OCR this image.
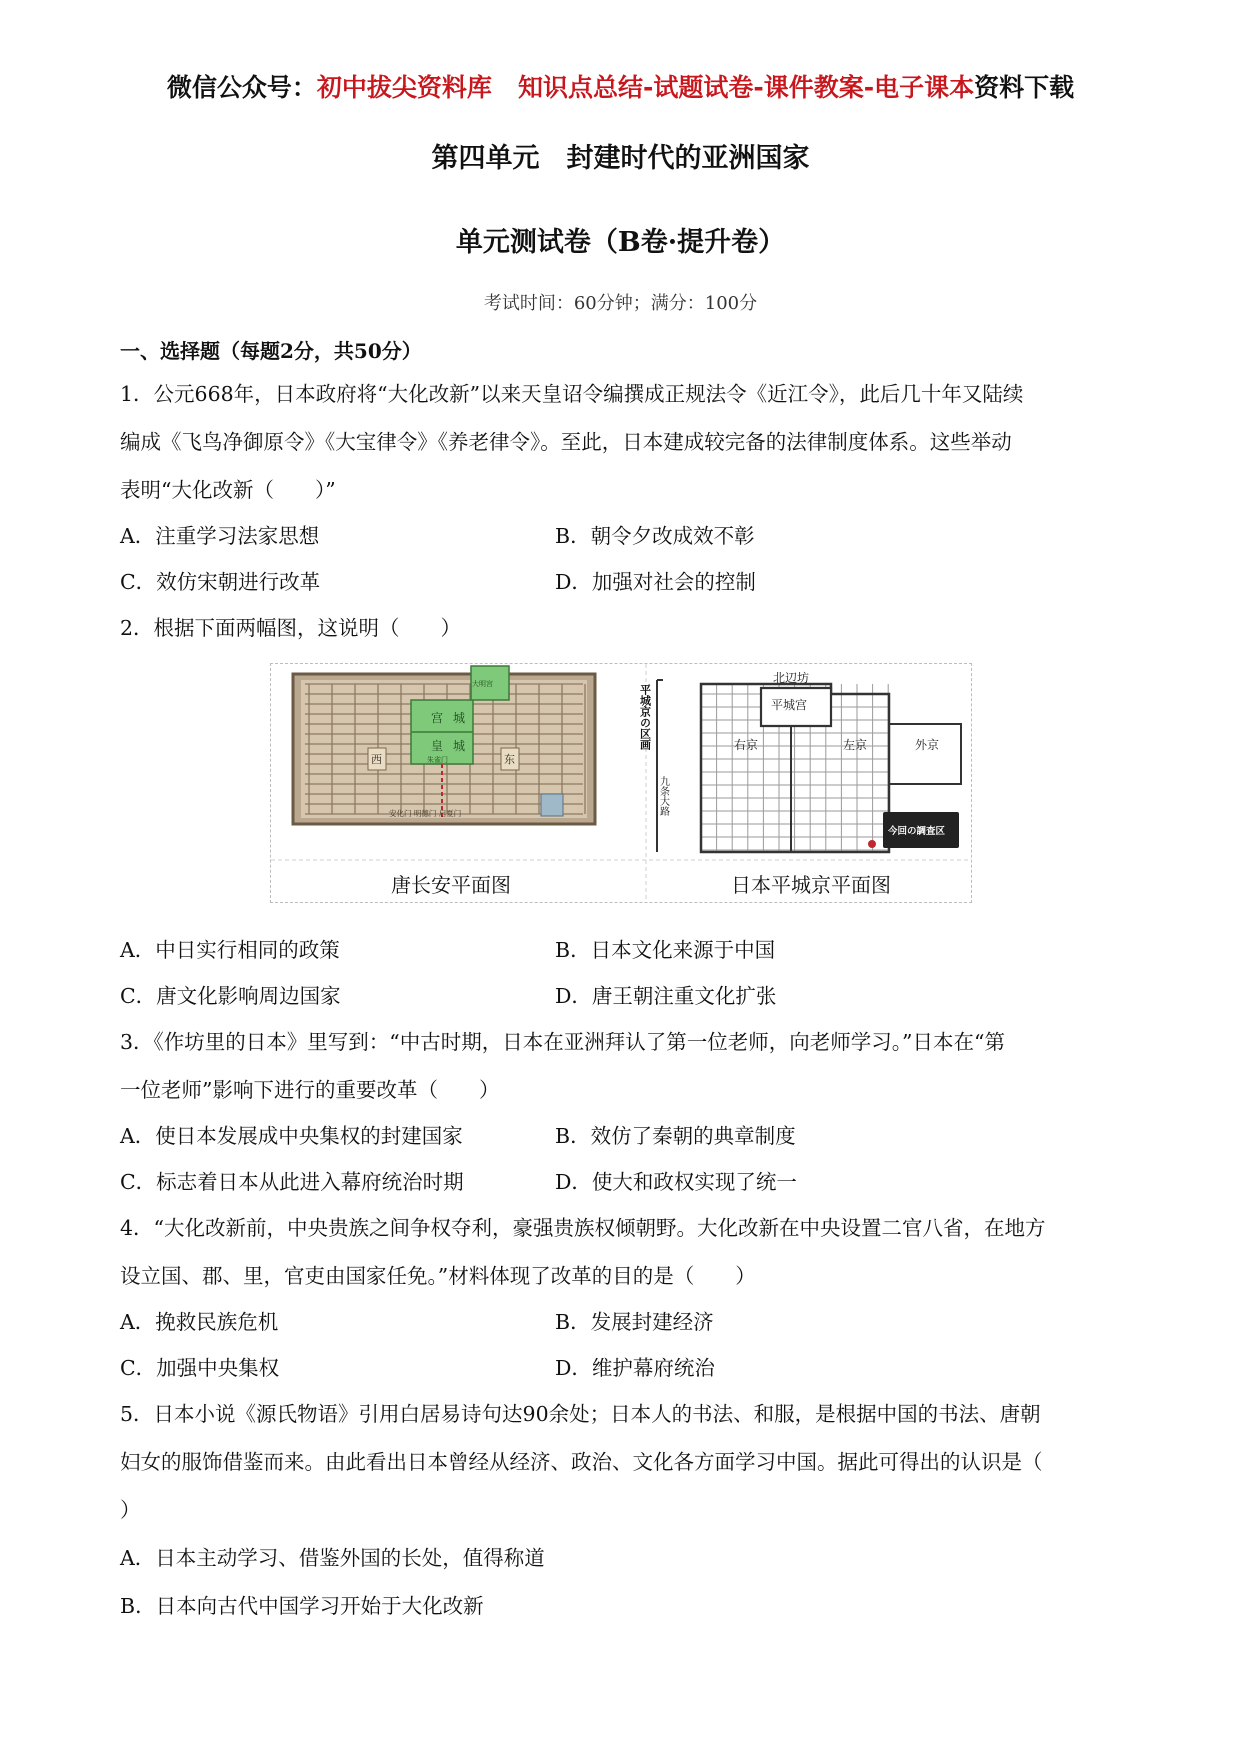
微信公众号：初中拔尖资料库 知识点总结-试题试卷-课件教案-电子课本资料下载
第四单元　封建时代的亚洲国家
单元测试卷（B卷·提升卷）
考试时间：60分钟；满分：100分
一、选择题（每题2分，共50分）
1．公元668年，日本政府将“大化改新”以来天皇诏令编撰成正规法令《近江令》，此后几十年又陆续
编成《飞鸟净御原令》《大宝律令》《养老律令》。至此，日本建成较完备的法律制度体系。这些举动
表明“大化改新（　　）”
A．注重学习法家思想	B．朝令夕改成效不彰
C．效仿宋朝进行改革	D．加强对社会的控制
2．根据下面两幅图，这说明（　　）
宫 城
皇 城
朱雀门
大明宫
西	东
安化门 明德门 启夏门
平城宫
北辺坊
右京	左京	外京
今回の調査区
平城京の区画
九条大路
唐长安平面图	日本平城京平面图
A．中日实行相同的政策	B．日本文化来源于中国
C．唐文化影响周边国家	D．唐王朝注重文化扩张
3．《作坊里的日本》里写到：“中古时期，日本在亚洲拜认了第一位老师，向老师学习。”日本在“第
一位老师”影响下进行的重要改革（　　）
A．使日本发展成中央集权的封建国家	B．效仿了秦朝的典章制度
C．标志着日本从此进入幕府统治时期	D．使大和政权实现了统一
4．“大化改新前，中央贵族之间争权夺利，豪强贵族权倾朝野。大化改新在中央设置二官八省，在地方
设立国、郡、里，官吏由国家任免。”材料体现了改革的目的是（　　）
A．挽救民族危机	B．发展封建经济
C．加强中央集权	D．维护幕府统治
5．日本小说《源氏物语》引用白居易诗句达90余处；日本人的书法、和服，是根据中国的书法、唐朝
妇女的服饰借鉴而来。由此看出日本曾经从经济、政治、文化各方面学习中国。据此可得出的认识是（
）
A．日本主动学习、借鉴外国的长处，值得称道
B．日本向古代中国学习开始于大化改新
